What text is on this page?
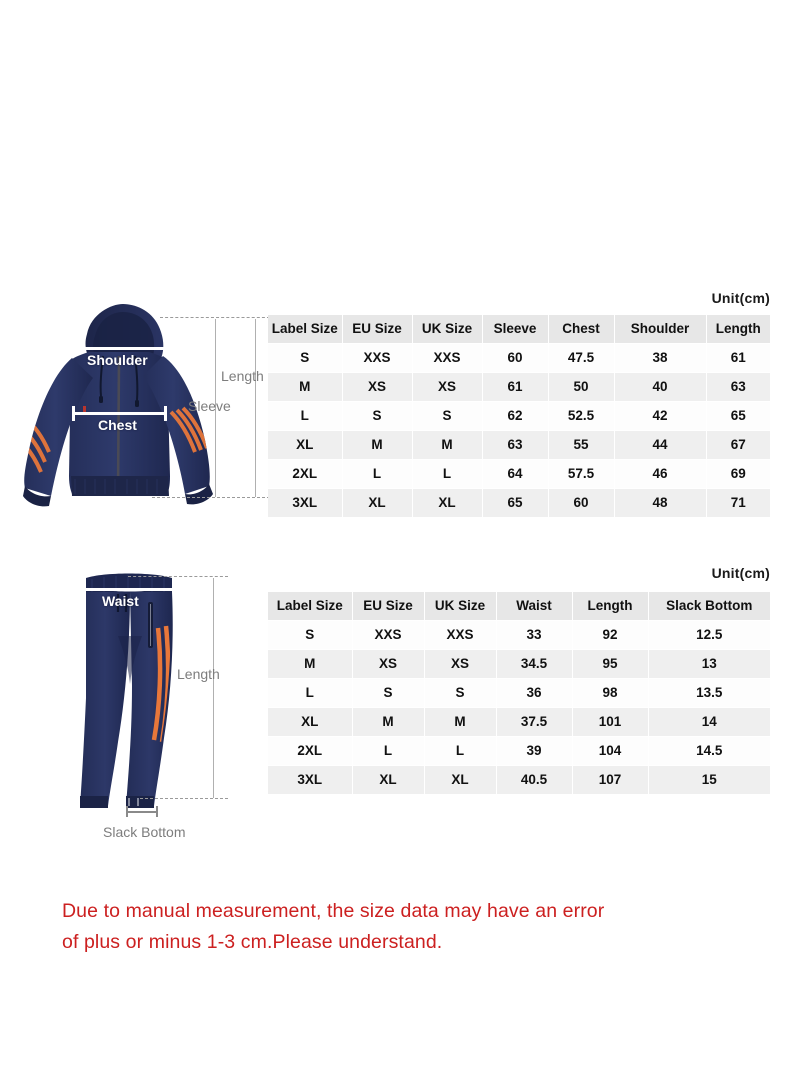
Unit(cm)
Shoulder
Chest
Length
Sleeve
Label Size	EU Size	UK Size	Sleeve	Chest	Shoulder	Length
S	XXS	XXS	60	47.5	38	61
M	XS	XS	61	50	40	63
L	S	S	62	52.5	42	65
XL	M	M	63	55	44	67
2XL	L	L	64	57.5	46	69
3XL	XL	XL	65	60	48	71
Unit(cm)
Waist
Length
Slack Bottom
Label Size	EU Size	UK Size	Waist	Length	Slack Bottom
S	XXS	XXS	33	92	12.5
M	XS	XS	34.5	95	13
L	S	S	36	98	13.5
XL	M	M	37.5	101	14
2XL	L	L	39	104	14.5
3XL	XL	XL	40.5	107	15
Due to manual measurement, the size data may have an error
of plus or minus 1-3 cm.Please understand.
